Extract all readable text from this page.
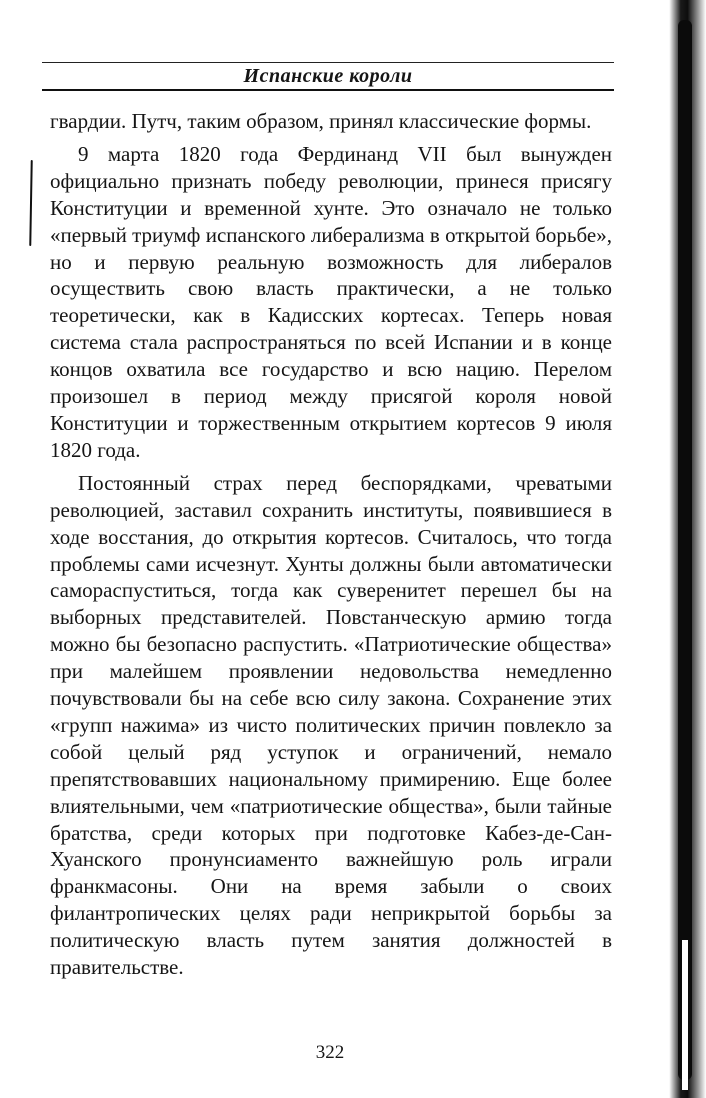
Испанские короли

гвардии. Путч, таким образом, принял классические формы.

9 марта 1820 года Фердинанд VII был вынужден официально признать победу революции, принеся присягу Конституции и временной хунте. Это означало не только «первый триумф испанского либерализма в открытой борьбе», но и первую реальную возможность для либералов осуществить свою власть практически, а не только теоретически, как в Кадисских кортесах. Теперь новая система стала распространяться по всей Испании и в конце концов охватила все государство и всю нацию. Перелом произошел в период между присягой короля новой Конституции и торжественным открытием кортесов 9 июля 1820 года.

Постоянный страх перед беспорядками, чреватыми революцией, заставил сохранить институты, появившиеся в ходе восстания, до открытия кортесов. Считалось, что тогда проблемы сами исчезнут. Хунты должны были автоматически самораспуститься, тогда как суверенитет перешел бы на выборных представителей. Повстанческую армию тогда можно бы безопасно распустить. «Патриотические общества» при малейшем проявлении недовольства немедленно почувствовали бы на себе всю силу закона. Сохранение этих «групп нажима» из чисто политических причин повлекло за собой целый ряд уступок и ограничений, немало препятствовавших национальному примирению. Еще более влиятельными, чем «патриотические общества», были тайные братства, среди которых при подготовке Кабез-де-Сан-Хуанского пронунсиаменто важнейшую роль играли франкмасоны. Они на время забыли о своих филантропических целях ради неприкрытой борьбы за политическую власть путем занятия должностей в правительстве.

322
